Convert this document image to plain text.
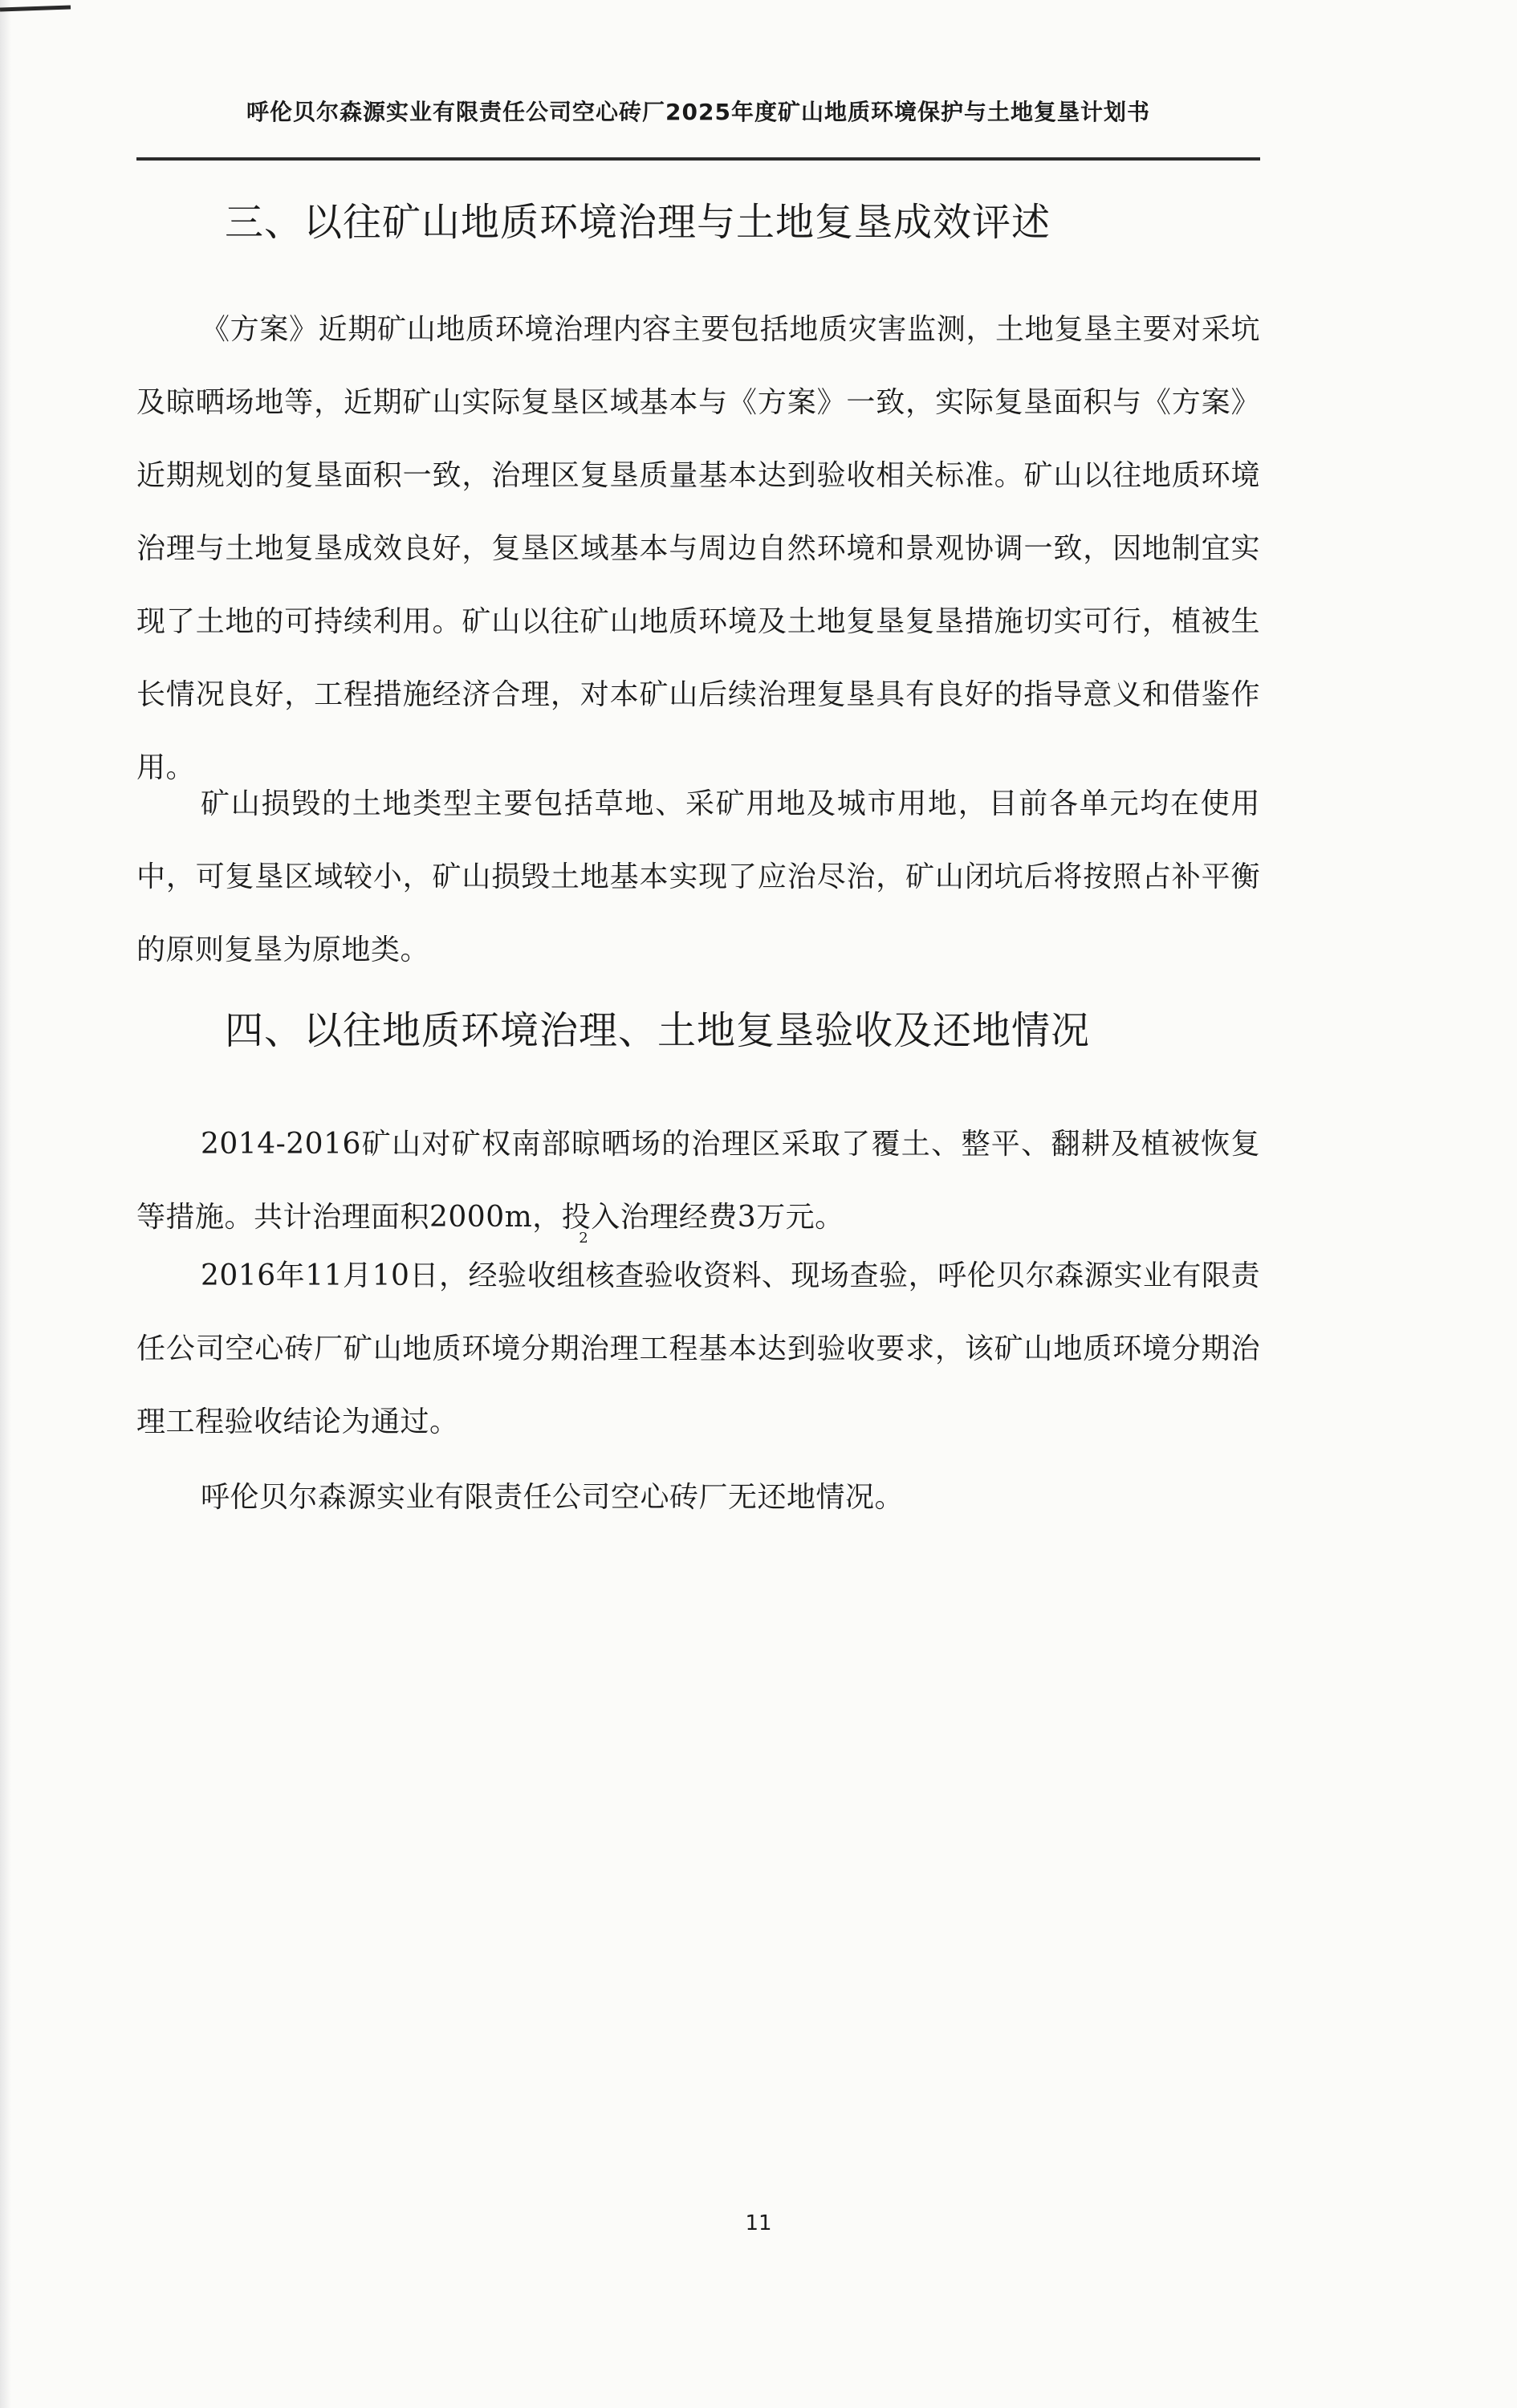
呼伦贝尔森源实业有限责任公司空心砖厂2025年度矿山地质环境保护与土地复垦计划书
三、以往矿山地质环境治理与土地复垦成效评述
《方案》近期矿山地质环境治理内容主要包括地质灾害监测，土地复垦主要对采坑及晾晒场地等，近期矿山实际复垦区域基本与《方案》一致，实际复垦面积与《方案》近期规划的复垦面积一致，治理区复垦质量基本达到验收相关标准。矿山以往地质环境治理与土地复垦成效良好，复垦区域基本与周边自然环境和景观协调一致，因地制宜实现了土地的可持续利用。矿山以往矿山地质环境及土地复垦复垦措施切实可行，植被生长情况良好，工程措施经济合理，对本矿山后续治理复垦具有良好的指导意义和借鉴作用。
矿山损毁的土地类型主要包括草地、采矿用地及城市用地，目前各单元均在使用中，可复垦区域较小，矿山损毁土地基本实现了应治尽治，矿山闭坑后将按照占补平衡的原则复垦为原地类。
四、以往地质环境治理、土地复垦验收及还地情况
2014-2016矿山对矿权南部晾晒场的治理区采取了覆土、整平、翻耕及植被恢复等措施。共计治理面积2000m2，投入治理经费3万元。
2016年11月10日，经验收组核查验收资料、现场查验，呼伦贝尔森源实业有限责任公司空心砖厂矿山地质环境分期治理工程基本达到验收要求，该矿山地质环境分期治理工程验收结论为通过。
呼伦贝尔森源实业有限责任公司空心砖厂无还地情况。
11
